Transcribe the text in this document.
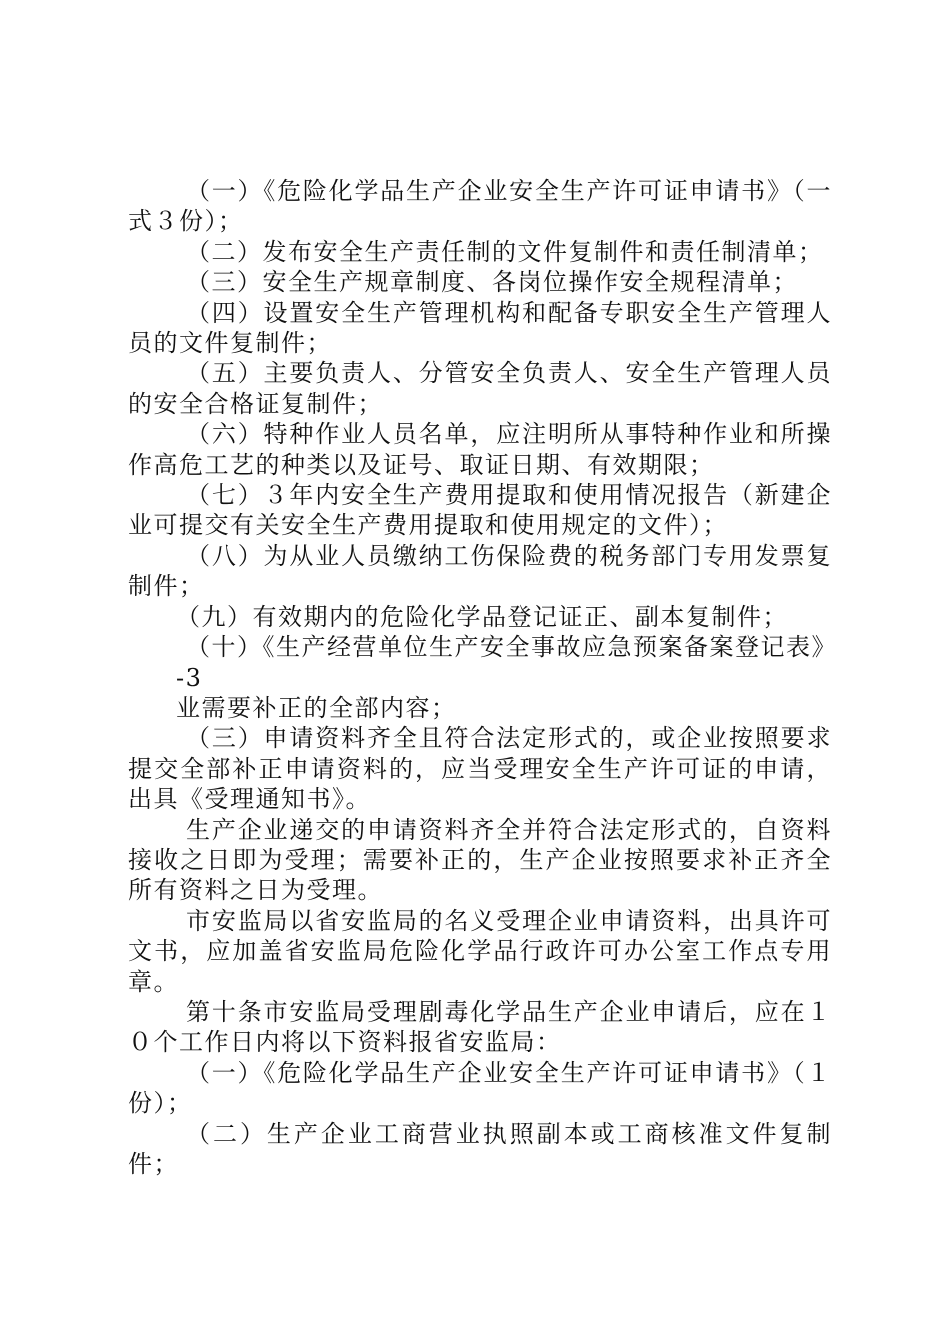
（一）《危险化学品生产企业安全生产许可证申请书》（一式３份）；

（二）发布安全生产责任制的文件复制件和责任制清单；

（三）安全生产规章制度、各岗位操作安全规程清单；

（四）设置安全生产管理机构和配备专职安全生产管理人员的文件复制件；

（五）主要负责人、分管安全负责人、安全生产管理人员的安全合格证复制件；

（六）特种作业人员名单，应注明所从事特种作业和所操作高危工艺的种类以及证号、取证日期、有效期限；

（七）３年内安全生产费用提取和使用情况报告（新建企业可提交有关安全生产费用提取和使用规定的文件）；

（八）为从业人员缴纳工伤保险费的税务部门专用发票复制件；

（九）有效期内的危险化学品登记证正、副本复制件；

（十）《生产经营单位生产安全事故应急预案备案登记表》

-3

业需要补正的全部内容；

（三）申请资料齐全且符合法定形式的，或企业按照要求提交全部补正申请资料的，应当受理安全生产许可证的申请，出具《受理通知书》。

生产企业递交的申请资料齐全并符合法定形式的，自资料接收之日即为受理；需要补正的，生产企业按照要求补正齐全所有资料之日为受理。

市安监局以省安监局的名义受理企业申请资料，出具许可文书，应加盖省安监局危险化学品行政许可办公室工作点专用章。

第十条市安监局受理剧毒化学品生产企业申请后，应在１０个工作日内将以下资料报省安监局：

（一）《危险化学品生产企业安全生产许可证申请书》（１份）；

（二）生产企业工商营业执照副本或工商核准文件复制件；
